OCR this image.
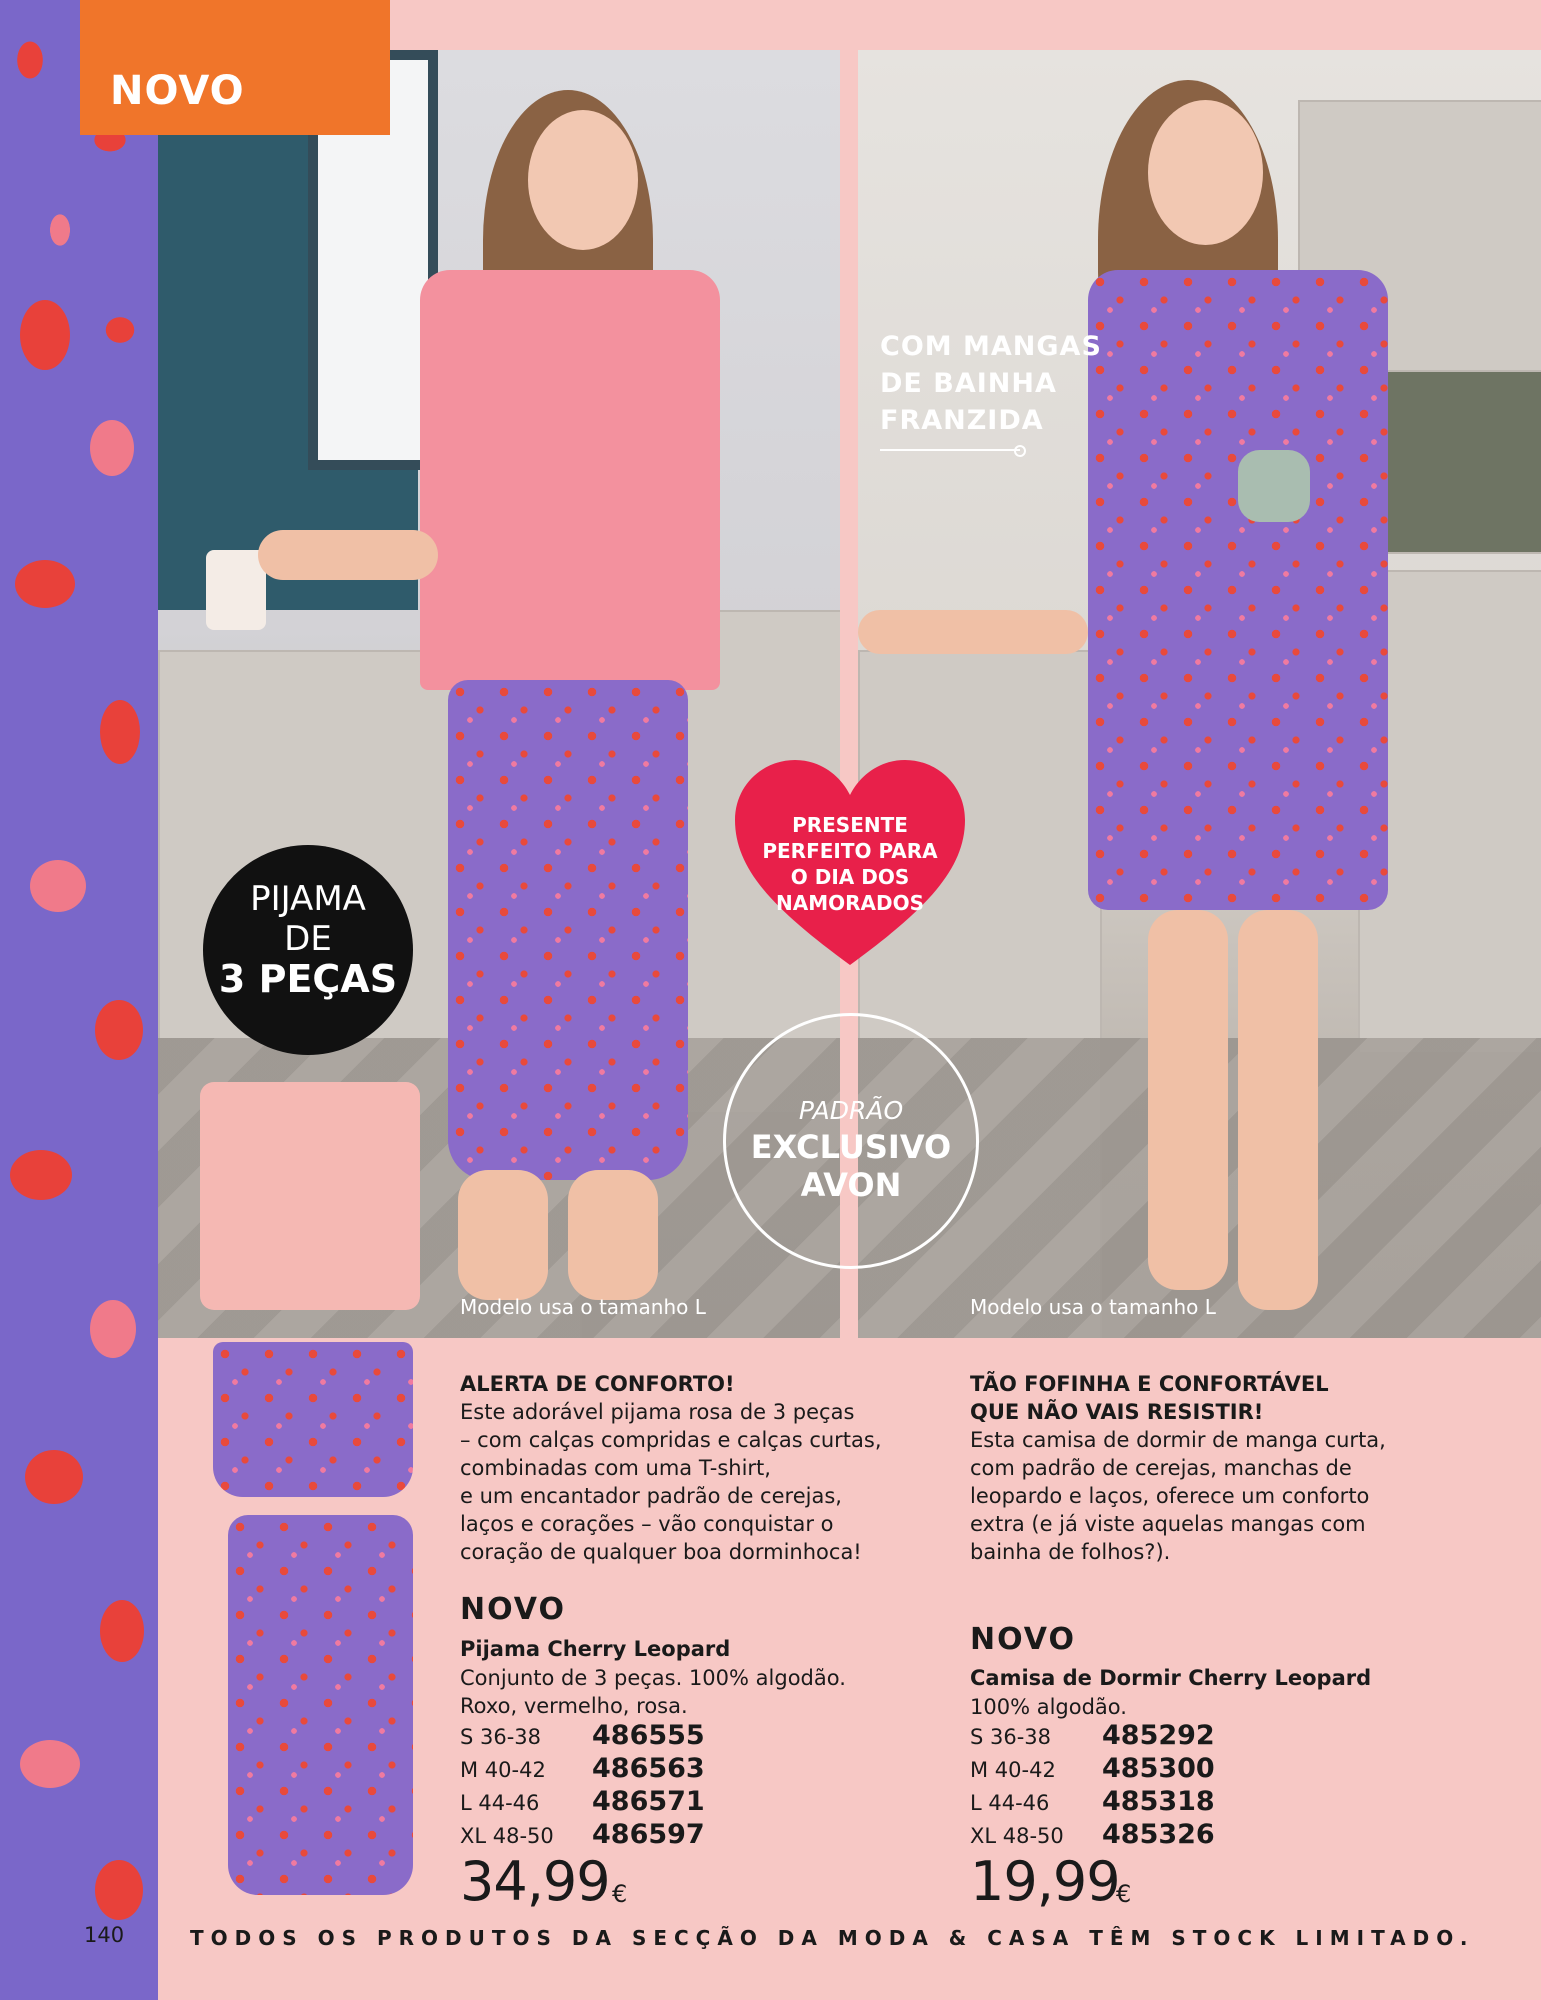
NOVO
PIJAMA
DE
3 PEÇAS
PRESENTE
PERFEITO PARA
O DIA DOS
NAMORADOS
PADRÃO
EXCLUSIVO
AVON
COM MANGAS
DE BAINHA
FRANZIDA
Modelo usa o tamanho L	Modelo usa o tamanho L
ALERTA DE CONFORTO!
Este adorável pijama rosa de 3 peças
– com calças compridas e calças curtas,
combinadas com uma T-shirt,
e um encantador padrão de cerejas,
laços e corações – vão conquistar o
coração de qualquer boa dorminhoca!
NOVO
Pijama Cherry Leopard
Conjunto de 3 peças. 100% algodão.
Roxo, vermelho, rosa.
S 36-38 486555
M 40-42 486563
L 44-46 486571
XL 48-50 486597
34,99 €
TÃO FOFINHA E CONFORTÁVEL
QUE NÃO VAIS RESISTIR!
Esta camisa de dormir de manga curta,
com padrão de cerejas, manchas de
leopardo e laços, oferece um conforto
extra (e já viste aquelas mangas com
bainha de folhos?).
NOVO
Camisa de Dormir Cherry Leopard
100% algodão.
S 36-38 485292
M 40-42 485300
L 44-46 485318
XL 48-50 485326
19,99
€
140	TODOS OS PRODUTOS DA SECÇÃO DA MODA & CASA TÊM STOCK LIMITADO.
